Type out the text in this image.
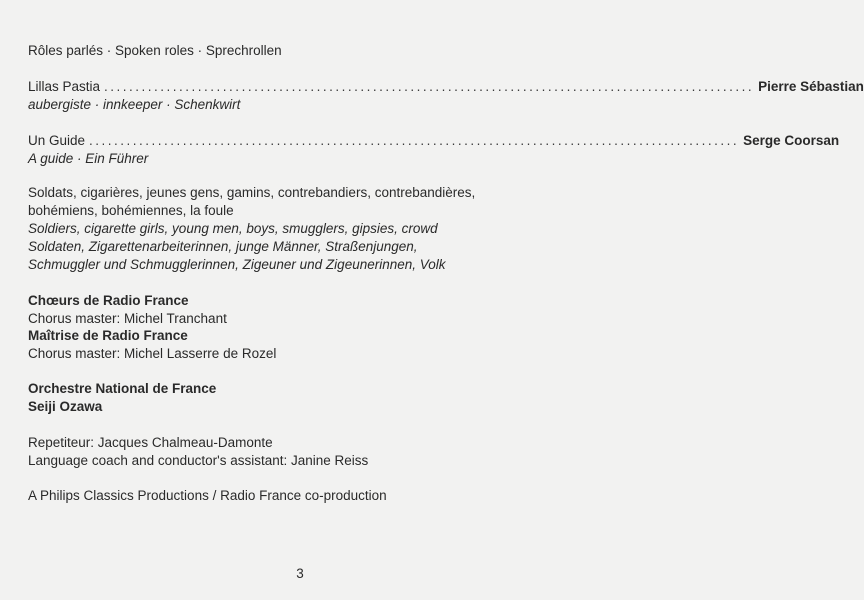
Rôles parlés · Spoken roles · Sprechrollen
Lillas Pastia ........................................................................................................ Pierre Sébastian
aubergiste · innkeeper · Schenkwirt
Un Guide ........................................................................................................ Serge Coorsan
A guide · Ein Führer
Soldats, cigarières, jeunes gens, gamins, contrebandiers, contrebandières,
bohémiens, bohémiennes, la foule
Soldiers, cigarette girls, young men, boys, smugglers, gipsies, crowd
Soldaten, Zigarettenarbeiterinnen, junge Männer, Straßenjungen,
Schmuggler und Schmugglerinnen, Zigeuner und Zigeunerinnen, Volk
Chœurs de Radio France
Chorus master: Michel Tranchant
Maîtrise de Radio France
Chorus master: Michel Lasserre de Rozel
Orchestre National de France
Seiji Ozawa
Repetiteur: Jacques Chalmeau-Damonte
Language coach and conductor's assistant: Janine Reiss
A Philips Classics Productions / Radio France co-production
3
